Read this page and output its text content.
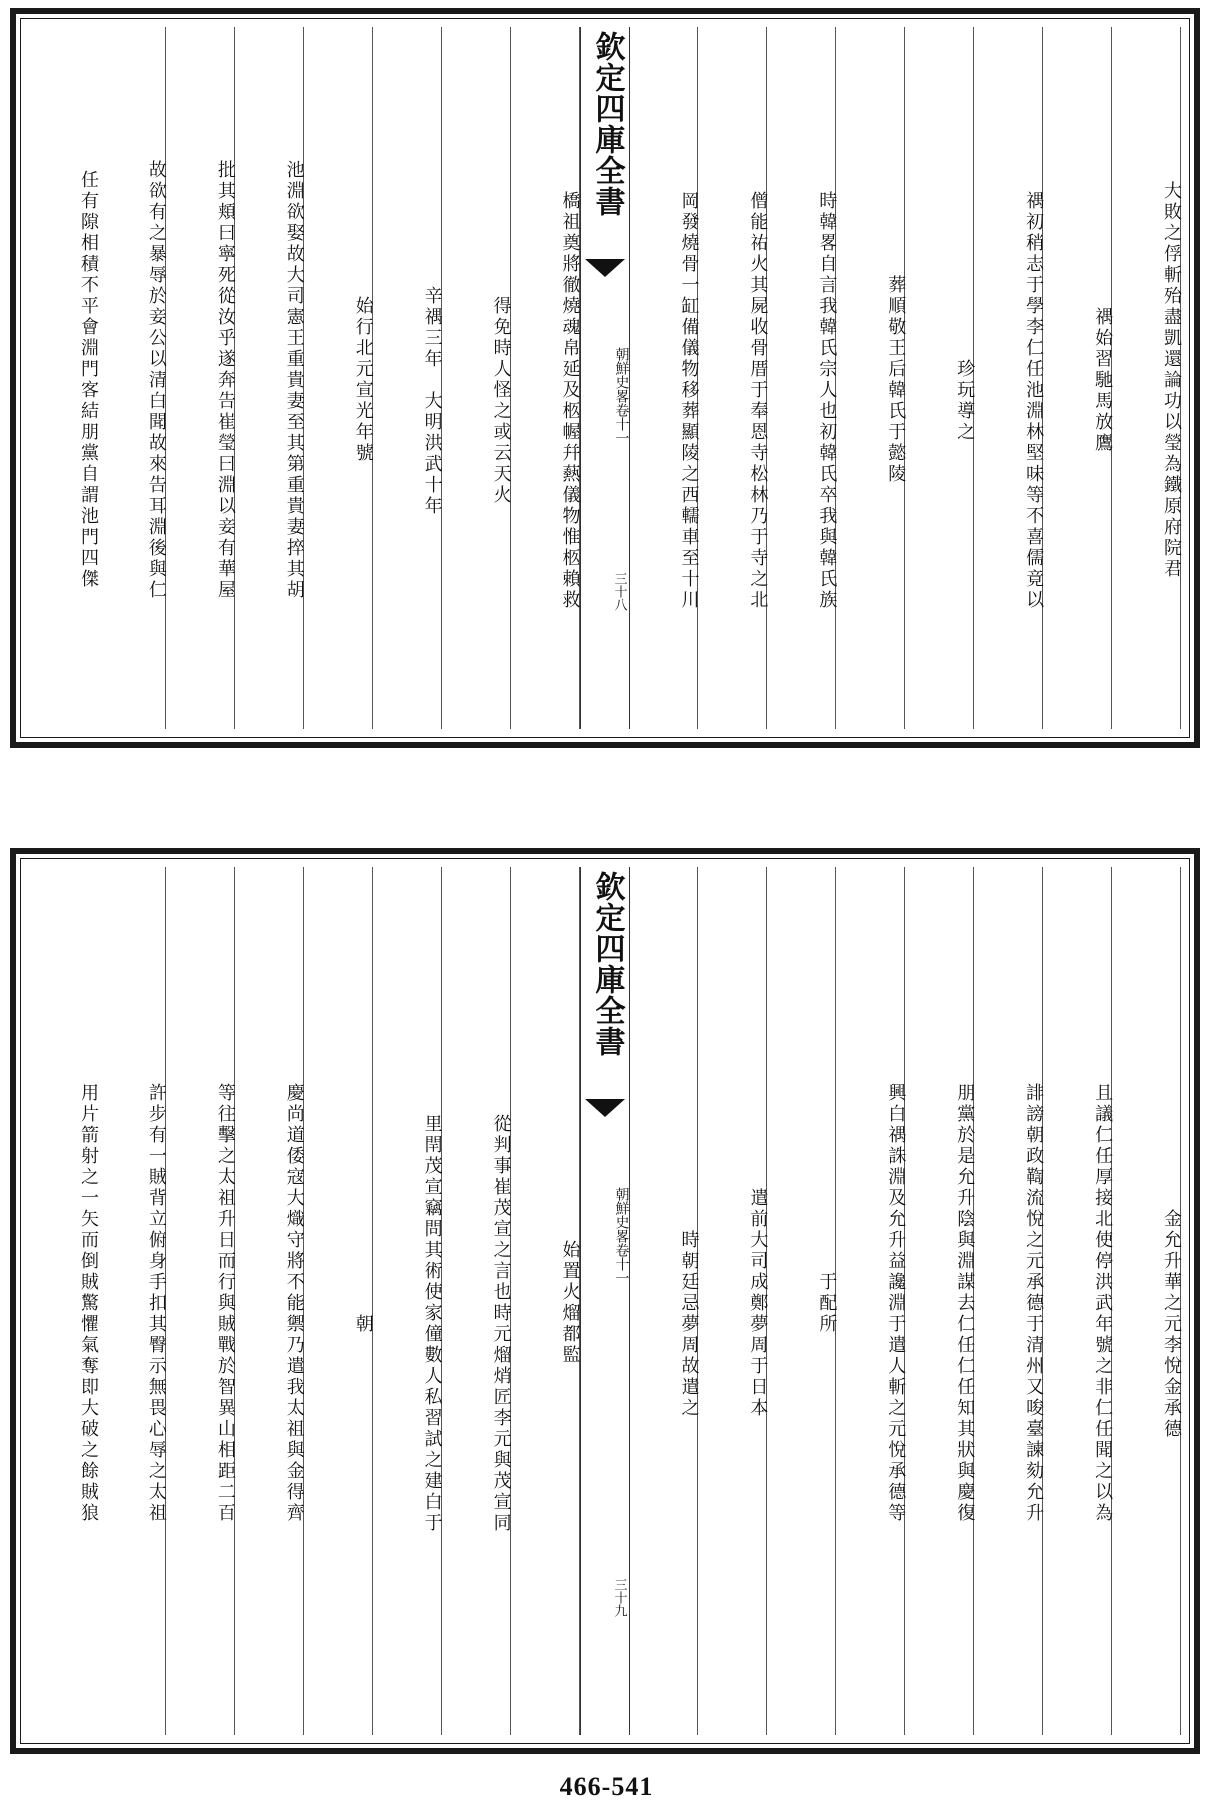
大敗之俘斬殆盡凱還論功以瑩為鐵原府院君
禑始習馳馬放鷹
禑初稍志于學李仁任池淵林堅味等不喜儒竟以
珍玩導之
葬順敬王后韓氏于懿陵
時韓畧自言我韓氏宗人也初韓氏卒我與韓氏族
僧能祐火其屍收骨厝于奉恩寺松林乃于寺之北
岡發燒骨一缸備儀物移葬顯陵之西轜車至十川
欽定四庫全書
朝鮮史畧卷十一
三十八
橋祖奠將徹燒魂帛延及柩幄幷爇儀物惟柩賴救
得免時人怪之或云天火
辛禑三年　大明洪武十年
始行北元宣光年號
池淵欲娶故大司憲王重貴妻至其第重貴妻捽其胡
批其頬曰寧死從汝乎遂奔告崔瑩曰淵以妾有華屋
故欲有之暴辱於妾公以清白聞故來告耳淵後與仁
任有隙相積不平會淵門客結朋黨自謂池門四傑
金允升華之元李悅金承德
且議仁任厚接北使停洪武年號之非仁任聞之以為
誹謗朝政鞫流悅之元承德于清州又唆臺諫劾允升
朋黨於是允升陰與淵謀去仁任仁任知其狀與慶復
興白禑誅淵及允升益讒淵于遣人斬之元悅承德等
于配所
遣前大司成鄭夢周于日本
時朝廷忌夢周故遣之
欽定四庫全書
朝鮮史畧卷十一
三十九
始置火熘都監
從判事崔茂宣之言也時元熘焇匠李元與茂宣同
里閈茂宣竊問其術使家僮數人私習試之建白于
朝
慶尚道倭寇大熾守將不能禦乃遣我太祖與金得齊
等往擊之太祖升日而行與賊戰於智異山相距二百
許步有一賊背立俯身手扣其臀示無畏心辱之太祖
用片箭射之一矢而倒賊驚懼氣奪即大破之餘賊狼
466-541
